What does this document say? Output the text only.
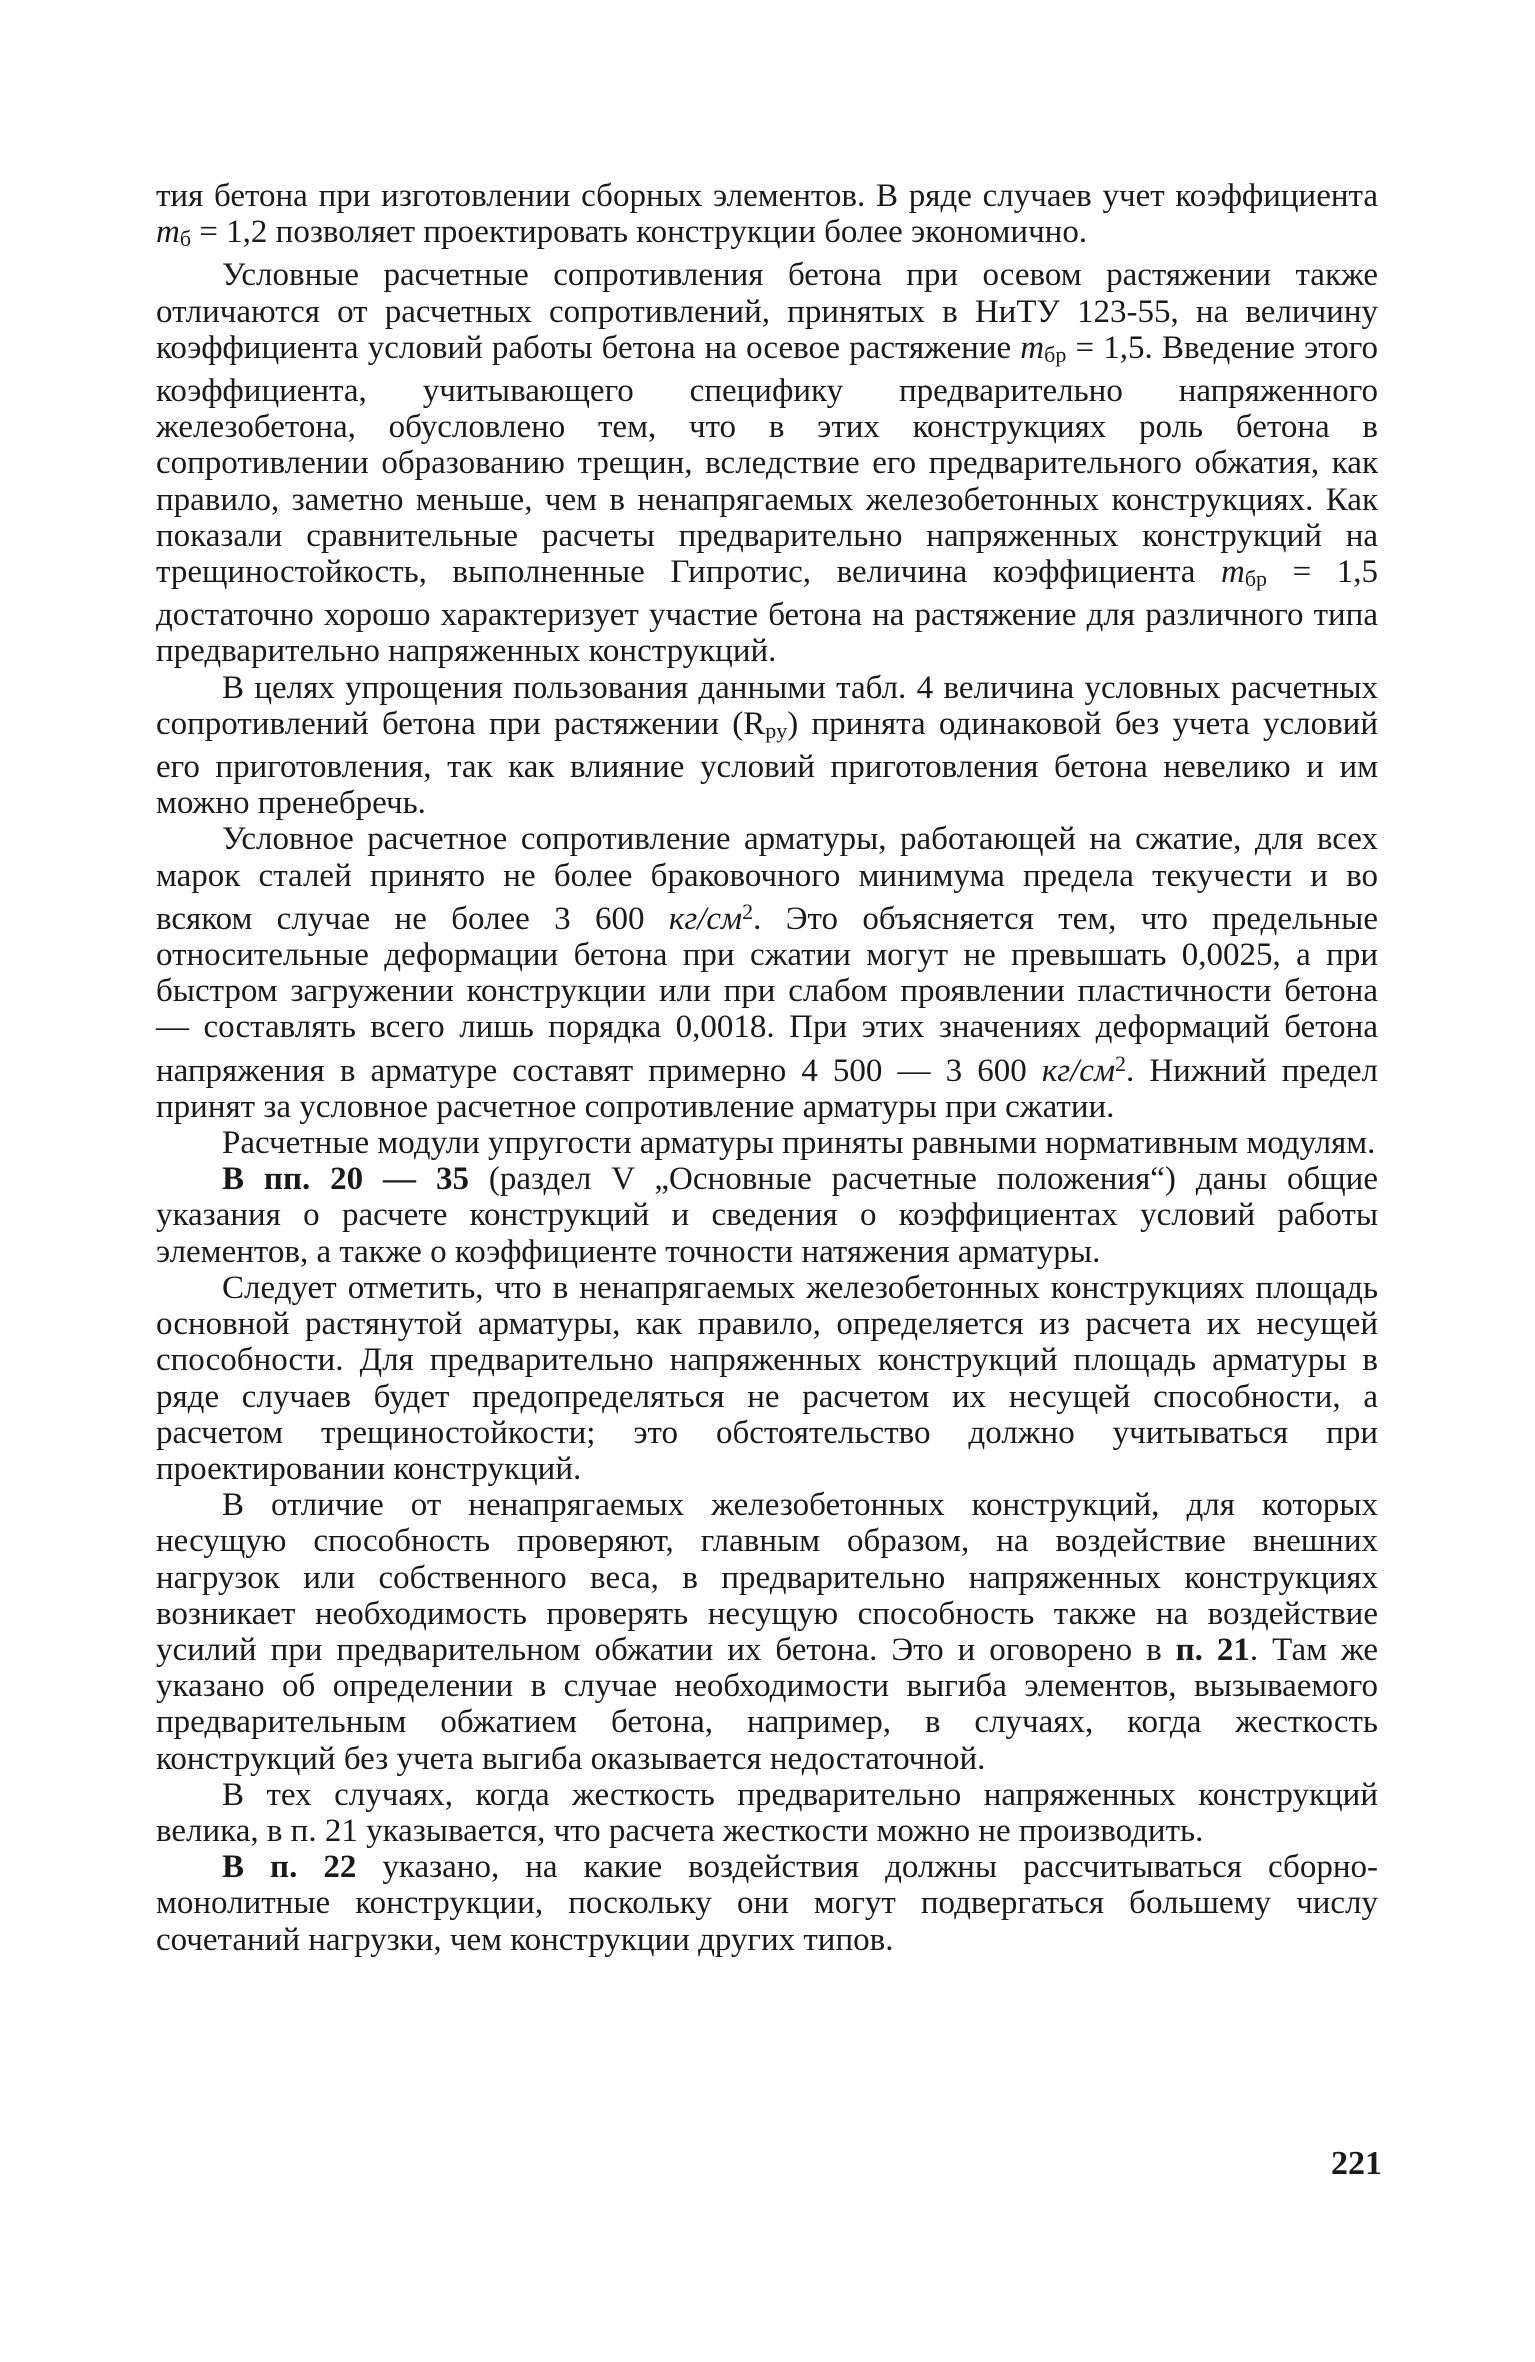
тия бетона при изготовлении сборных элементов. В ряде случаев учет коэффициента mб = 1,2 позволяет проектировать конструкции более экономично.

Условные расчетные сопротивления бетона при осевом растяжении также отличаются от расчетных сопротивлений, принятых в НиТУ 123-55, на величину коэффициента условий работы бетона на осевое растяжение mбр = 1,5. Введение этого коэффициента, учитывающего специфику предварительно напряженного железобетона, обусловлено тем, что в этих конструкциях роль бетона в сопротивлении образованию трещин, вследствие его предварительного обжатия, как правило, заметно меньше, чем в ненапрягаемых железобетонных конструкциях. Как показали сравнительные расчеты предварительно напряженных конструкций на трещиностойкость, выполненные Гипротис, величина коэффициента mбр = 1,5 достаточно хорошо характеризует участие бетона на растяжение для различного типа предварительно напряженных конструкций.

В целях упрощения пользования данными табл. 4 величина условных расчетных сопротивлений бетона при растяжении (Rpy) принята одинаковой без учета условий его приготовления, так как влияние условий приготовления бетона невелико и им можно пренебречь.

Условное расчетное сопротивление арматуры, работающей на сжатие, для всех марок сталей принято не более браковочного минимума предела текучести и во всяком случае не более 3 600 $кг/см^2$. Это объясняется тем, что предельные относительные деформации бетона при сжатии могут не превышать 0,0025, а при быстром загружении конструкции или при слабом проявлении пластичности бетона — составлять всего лишь порядка 0,0018. При этих значениях деформаций бетона напряжения в арматуре составят примерно 4 500 — 3 600 $кг/см^2$. Нижний предел принят за условное расчетное сопротивление арматуры при сжатии.

Расчетные модули упругости арматуры приняты равными нормативным модулям.

В пп. 20 — 35 (раздел V „Основные расчетные положения“) даны общие указания о расчете конструкций и сведения о коэффициентах условий работы элементов, а также о коэффициенте точности натяжения арматуры.

Следует отметить, что в ненапрягаемых железобетонных конструкциях площадь основной растянутой арматуры, как правило, определяется из расчета их несущей способности. Для предварительно напряженных конструкций площадь арматуры в ряде случаев будет предопределяться не расчетом их несущей способности, а расчетом трещиностойкости; это обстоятельство должно учитываться при проектировании конструкций.

В отличие от ненапрягаемых железобетонных конструкций, для которых несущую способность проверяют, главным образом, на воздействие внешних нагрузок или собственного веса, в предварительно напряженных конструкциях возникает необходимость проверять несущую способность также на воздействие усилий при предварительном обжатии их бетона. Это и оговорено в п. 21. Там же указано об определении в случае необходимости выгиба элементов, вызываемого предварительным обжатием бетона, например, в случаях, когда жесткость конструкций без учета выгиба оказывается недостаточной.

В тех случаях, когда жесткость предварительно напряженных конструкций велика, в п. 21 указывается, что расчета жесткости можно не производить.

В п. 22 указано, на какие воздействия должны рассчитываться сборно-монолитные конструкции, поскольку они могут подвергаться большему числу сочетаний нагрузки, чем конструкции других типов.

221
